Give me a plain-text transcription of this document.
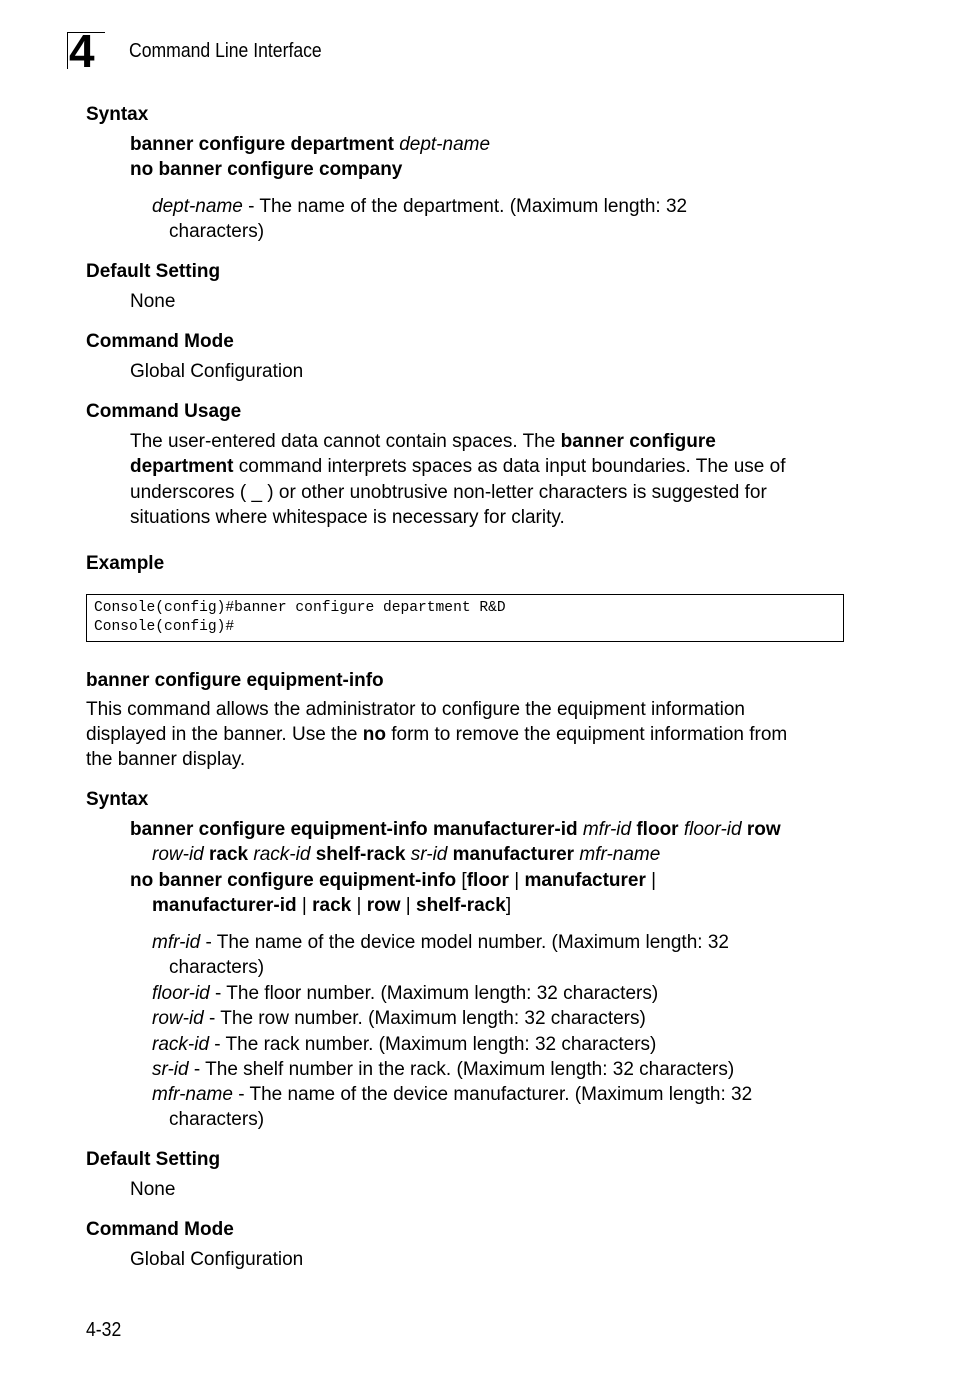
4 Command Line Interface
Syntax
banner configure department dept-name
no banner configure company
dept-name - The name of the department. (Maximum length: 32
characters)
Default Setting
None
Command Mode
Global Configuration
Command Usage
The user-entered data cannot contain spaces. The banner configure
department command interprets spaces as data input boundaries. The use of
underscores ( _ ) or other unobtrusive non-letter characters is suggested for
situations where whitespace is necessary for clarity.
Example
Console(config)#banner configure department R&D
Console(config)#
banner configure equipment-info
This command allows the administrator to configure the equipment information
displayed in the banner. Use the no form to remove the equipment information from
the banner display.
Syntax
banner configure equipment-info manufacturer-id mfr-id floor floor-id row
row-id rack rack-id shelf-rack sr-id manufacturer mfr-name
no banner configure equipment-info [floor | manufacturer |
manufacturer-id | rack | row | shelf-rack]
mfr-id - The name of the device model number. (Maximum length: 32
characters)
floor-id - The floor number. (Maximum length: 32 characters)
row-id - The row number. (Maximum length: 32 characters)
rack-id - The rack number. (Maximum length: 32 characters)
sr-id - The shelf number in the rack. (Maximum length: 32 characters)
mfr-name - The name of the device manufacturer. (Maximum length: 32
characters)
Default Setting
None
Command Mode
Global Configuration
4-32
